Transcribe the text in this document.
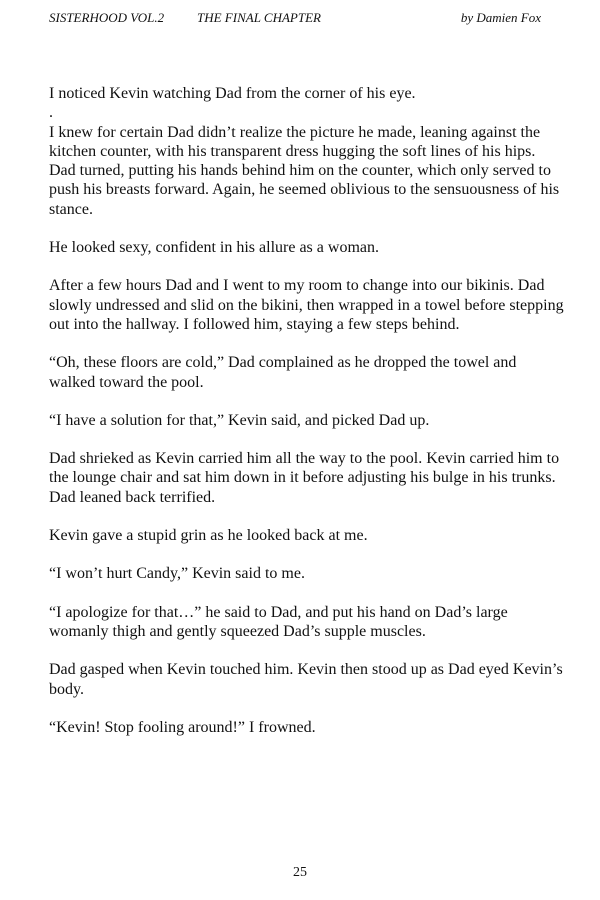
SISTERHOOD VOL.2	THE FINAL CHAPTER	by Damien Fox

I noticed Kevin watching Dad from the corner of his eye.

.

I knew for certain Dad didn’t realize the picture he made, leaning against the kitchen counter, with his transparent dress hugging the soft lines of his hips. Dad turned, putting his hands behind him on the counter, which only served to push his breasts forward. Again, he seemed oblivious to the sensuousness of his stance.

He looked sexy, confident in his allure as a woman.

After a few hours Dad and I went to my room to change into our bikinis. Dad slowly undressed and slid on the bikini, then wrapped in a towel before stepping out into the hallway. I followed him, staying a few steps behind.

“Oh, these floors are cold,” Dad complained as he dropped the towel and walked toward the pool.

“I have a solution for that,” Kevin said, and picked Dad up.

Dad shrieked as Kevin carried him all the way to the pool. Kevin carried him to the lounge chair and sat him down in it before adjusting his bulge in his trunks. Dad leaned back terrified.

Kevin gave a stupid grin as he looked back at me.

“I won’t hurt Candy,” Kevin said to me.

“I apologize for that…” he said to Dad, and put his hand on Dad’s large womanly thigh and gently squeezed Dad’s supple muscles.

Dad gasped when Kevin touched him. Kevin then stood up as Dad eyed Kevin’s body.

“Kevin! Stop fooling around!” I frowned.

25
